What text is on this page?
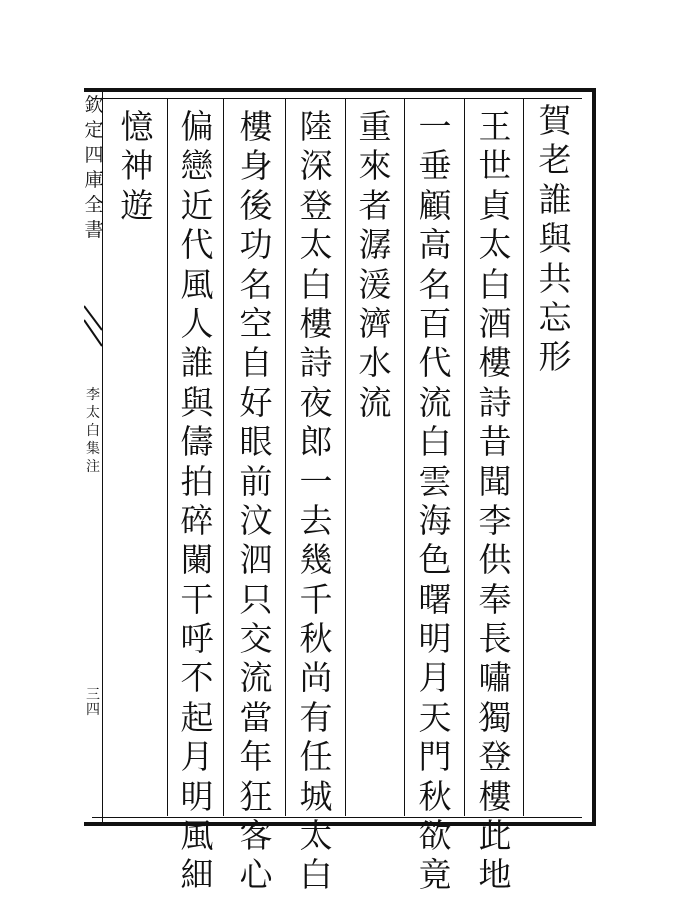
欽
定
四
庫
全
書
李
太
白
集
注
三
四
賀
老
誰
與
共
忘
形
王
世
貞
太
白
酒
樓
詩
昔
聞
李
供
奉
長
嘯
獨
登
樓
此
地
一
垂
顧
高
名
百
代
流
白
雲
海
色
曙
明
月
天
門
秋
欲
竟
重
來
者
潺
湲
濟
水
流
陸
深
登
太
白
樓
詩
夜
郎
一
去
幾
千
秋
尚
有
任
城
太
白
樓
身
後
功
名
空
自
好
眼
前
汶
泗
只
交
流
當
年
狂
客
心
偏
戀
近
代
風
人
誰
與
儔
拍
碎
闌
干
呼
不
起
月
明
風
細
憶
神
遊
